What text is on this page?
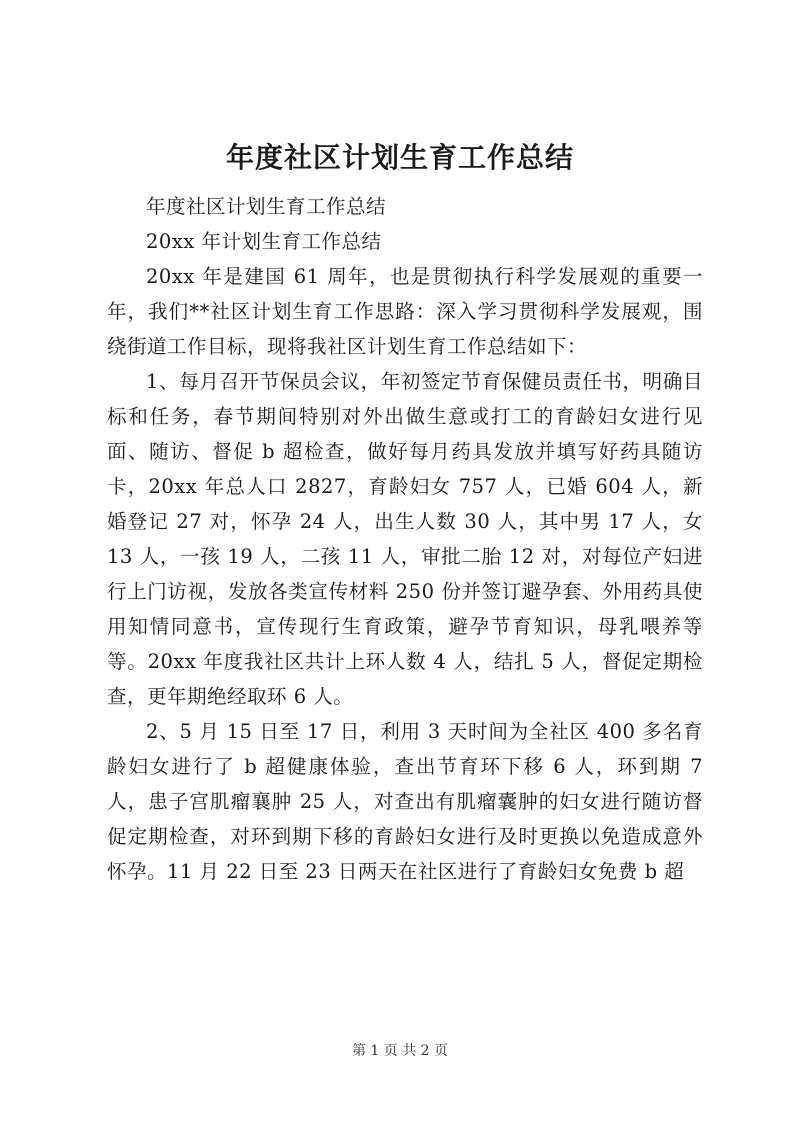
年度社区计划生育工作总结

年度社区计划生育工作总结

20xx 年计划生育工作总结

20xx 年是建国 61 周年，也是贯彻执行科学发展观的重要一年，我们**社区计划生育工作思路：深入学习贯彻科学发展观，围绕街道工作目标，现将我社区计划生育工作总结如下：

1、每月召开节保员会议，年初签定节育保健员责任书，明确目标和任务，春节期间特别对外出做生意或打工的育龄妇女进行见面、随访、督促 b 超检查，做好每月药具发放并填写好药具随访卡，20xx 年总人口 2827，育龄妇女 757 人，已婚 604 人，新婚登记 27 对，怀孕 24 人，出生人数 30 人，其中男 17 人，女 13 人，一孩 19 人，二孩 11 人，审批二胎 12 对，对每位产妇进行上门访视，发放各类宣传材料 250 份并签订避孕套、外用药具使用知情同意书，宣传现行生育政策，避孕节育知识，母乳喂养等等。20xx 年度我社区共计上环人数 4 人，结扎 5 人，督促定期检查，更年期绝经取环 6 人。

2、5 月 15 日至 17 日，利用 3 天时间为全社区 400 多名育龄妇女进行了 b 超健康体验，查出节育环下移 6 人，环到期 7 人，患子宫肌瘤襄肿 25 人，对查出有肌瘤囊肿的妇女进行随访督促定期检查，对环到期下移的育龄妇女进行及时更换以免造成意外怀孕。11 月 22 日至 23 日两天在社区进行了育龄妇女免费 b 超

第 1 页 共 2 页
